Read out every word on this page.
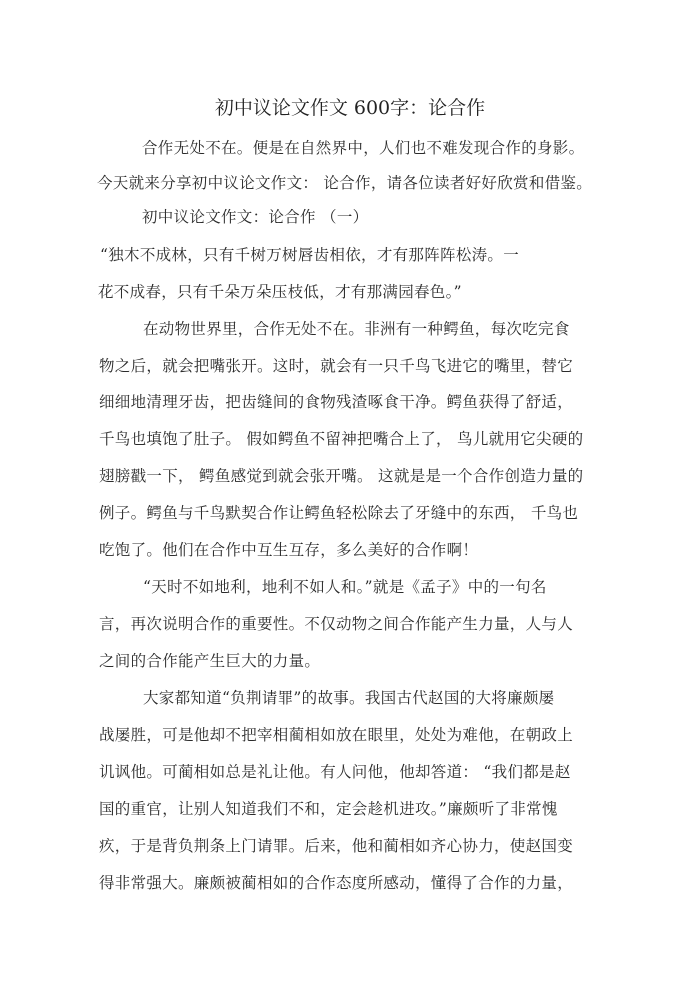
初中议论文作文 600字：论合作
合作无处不在。便是在自然界中，人们也不难发现合作的身影。
今天就来分享初中议论文作文： 论合作，请各位读者好好欣赏和借鉴。
初中议论文作文：论合作 （一）
“独木不成林，只有千树万树唇齿相依，才有那阵阵松涛。一
花不成春，只有千朵万朵压枝低，才有那满园春色。”
在动物世界里，合作无处不在。非洲有一种鳄鱼，每次吃完食
物之后，就会把嘴张开。这时，就会有一只千鸟飞进它的嘴里，替它
细细地清理牙齿，把齿缝间的食物残渣啄食干净。鳄鱼获得了舒适，
千鸟也填饱了肚子。 假如鳄鱼不留神把嘴合上了， 鸟儿就用它尖硬的
翅膀戳一下， 鳄鱼感觉到就会张开嘴。 这就是是一个合作创造力量的
例子。鳄鱼与千鸟默契合作让鳄鱼轻松除去了牙缝中的东西， 千鸟也
吃饱了。他们在合作中互生互存，多么美好的合作啊！
“天时不如地利，地利不如人和。”就是《孟子》中的一句名
言，再次说明合作的重要性。不仅动物之间合作能产生力量，人与人
之间的合作能产生巨大的力量。
大家都知道“负荆请罪”的故事。我国古代赵国的大将廉颇屡
战屡胜，可是他却不把宰相蔺相如放在眼里，处处为难他，在朝政上
讥讽他。可蔺相如总是礼让他。有人问他，他却答道： “我们都是赵
国的重官，让别人知道我们不和，定会趁机进攻。”廉颇听了非常愧
疚，于是背负荆条上门请罪。后来，他和蔺相如齐心协力，使赵国变
得非常强大。廉颇被蔺相如的合作态度所感动，懂得了合作的力量，
